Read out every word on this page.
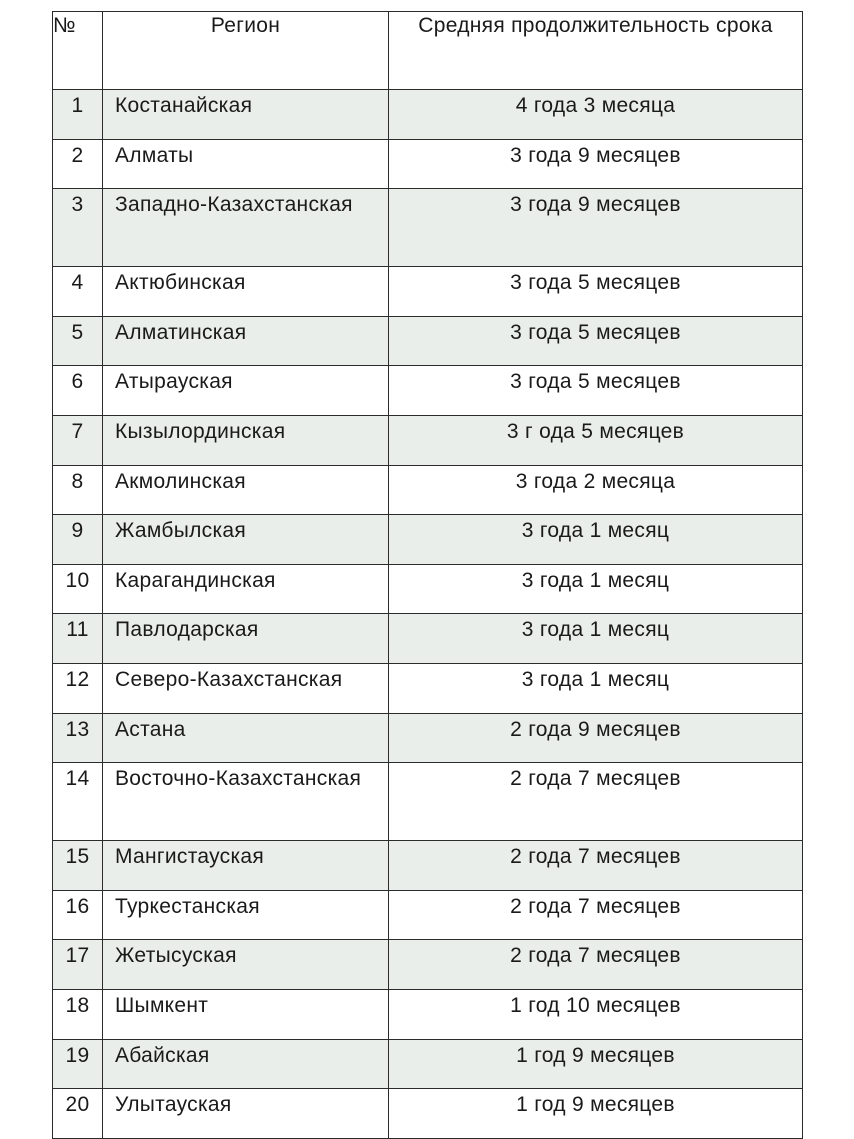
№	Регион	Средняя продолжительность срока
1	Костанайская	4 года 3 месяца
2	Алматы	3 года 9 месяцев
3	Западно-Казахстанская	3 года 9 месяцев
4	Актюбинская	3 года 5 месяцев
5	Алматинская	3 года 5 месяцев
6	Атырауская	3 года 5 месяцев
7	Кызылординская	3 г ода 5 месяцев
8	Акмолинская	3 года 2 месяца
9	Жамбылская	3 года 1 месяц
10	Карагандинская	3 года 1 месяц
11	Павлодарская	3 года 1 месяц
12	Северо-Казахстанская	3 года 1 месяц
13	Астана	2 года 9 месяцев
14	Восточно-Казахстанская	2 года 7 месяцев
15	Мангистауская	2 года 7 месяцев
16	Туркестанская	2 года 7 месяцев
17	Жетысуская	2 года 7 месяцев
18	Шымкент	1 год 10 месяцев
19	Абайская	1 год 9 месяцев
20	Улытауская	1 год 9 месяцев
